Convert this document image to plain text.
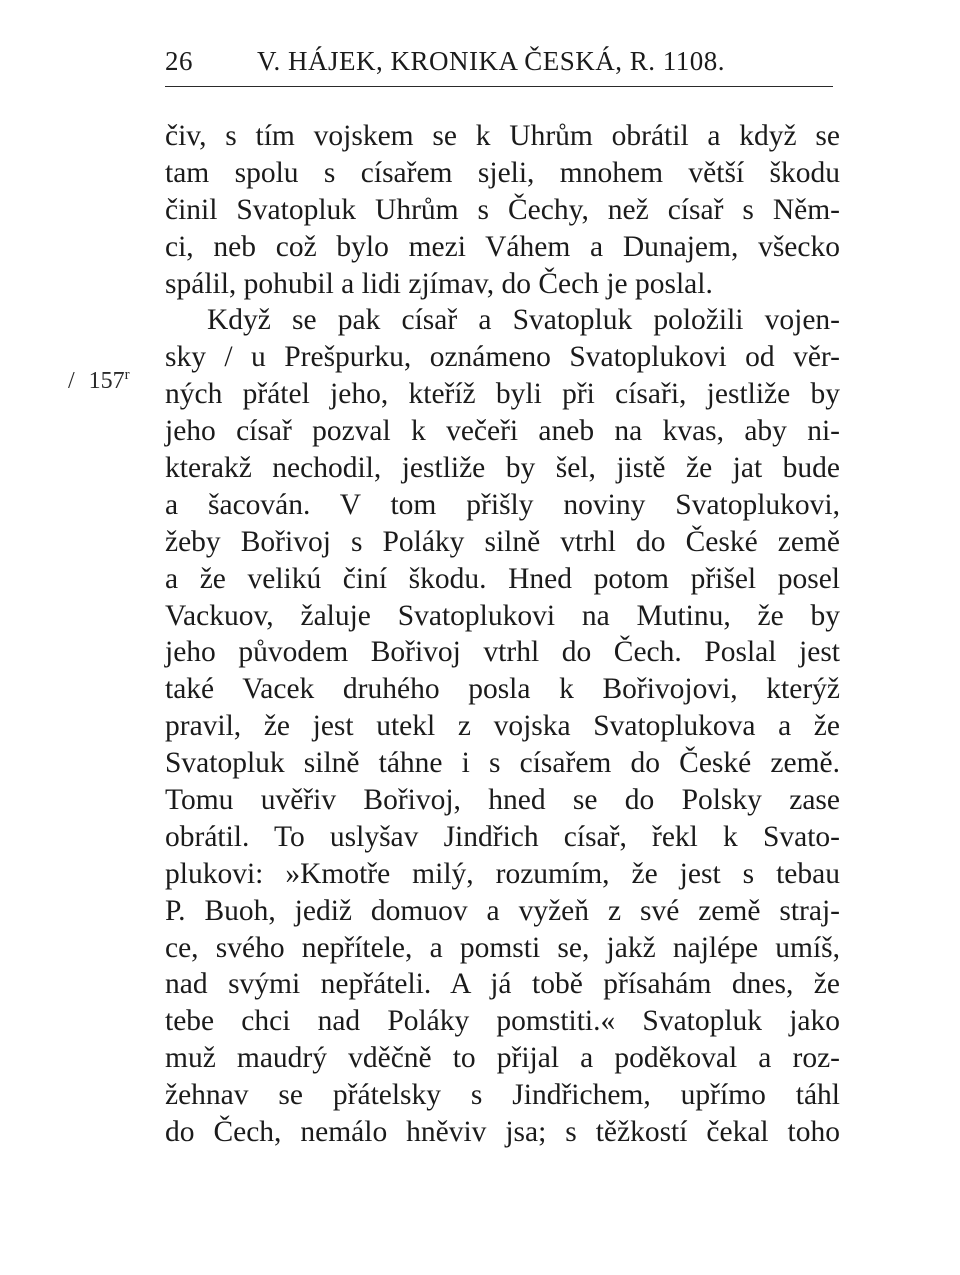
26 V. HÁJEK, KRONIKA ČESKÁ, R. 1108.
/ 157$^r$
čiv, s tím vojskem se k Uhrům obrátil a když se
tam spolu s císařem sjeli, mnohem větší škodu
činil Svatopluk Uhrům s Čechy, než císař s Něm-
ci, neb což bylo mezi Váhem a Dunajem, všecko
spálil, pohubil a lidi zjímav, do Čech je poslal.
Když se pak císař a Svatopluk položili vojen-
sky / u Prešpurku, oznámeno Svatoplukovi od věr-
ných přátel jeho, kteříž byli při císaři, jestliže by
jeho císař pozval k večeři aneb na kvas, aby ni-
kterakž nechodil, jestliže by šel, jistě že jat bude
a šacován. V tom přišly noviny Svatoplukovi,
žeby Bořivoj s Poláky silně vtrhl do České země
a že velikú činí škodu. Hned potom přišel posel
Vackuov, žaluje Svatoplukovi na Mutinu, že by
jeho původem Bořivoj vtrhl do Čech. Poslal jest
také Vacek druhého posla k Bořivojovi, kterýž
pravil, že jest utekl z vojska Svatoplukova a že
Svatopluk silně táhne i s císařem do České země.
Tomu uvěřiv Bořivoj, hned se do Polsky zase
obrátil. To uslyšav Jindřich císař, řekl k Svato-
plukovi: »Kmotře milý, rozumím, že jest s tebau
P. Buoh, jediž domuov a vyžeň z své země straj-
ce, svého nepřítele, a pomsti se, jakž najlépe umíš,
nad svými nepřáteli. A já tobě přísahám dnes, že
tebe chci nad Poláky pomstiti.« Svatopluk jako
muž maudrý vděčně to přijal a poděkoval a roz-
žehnav se přátelsky s Jindřichem, upřímo táhl
do Čech, nemálo hněviv jsa; s těžkostí čekal toho
